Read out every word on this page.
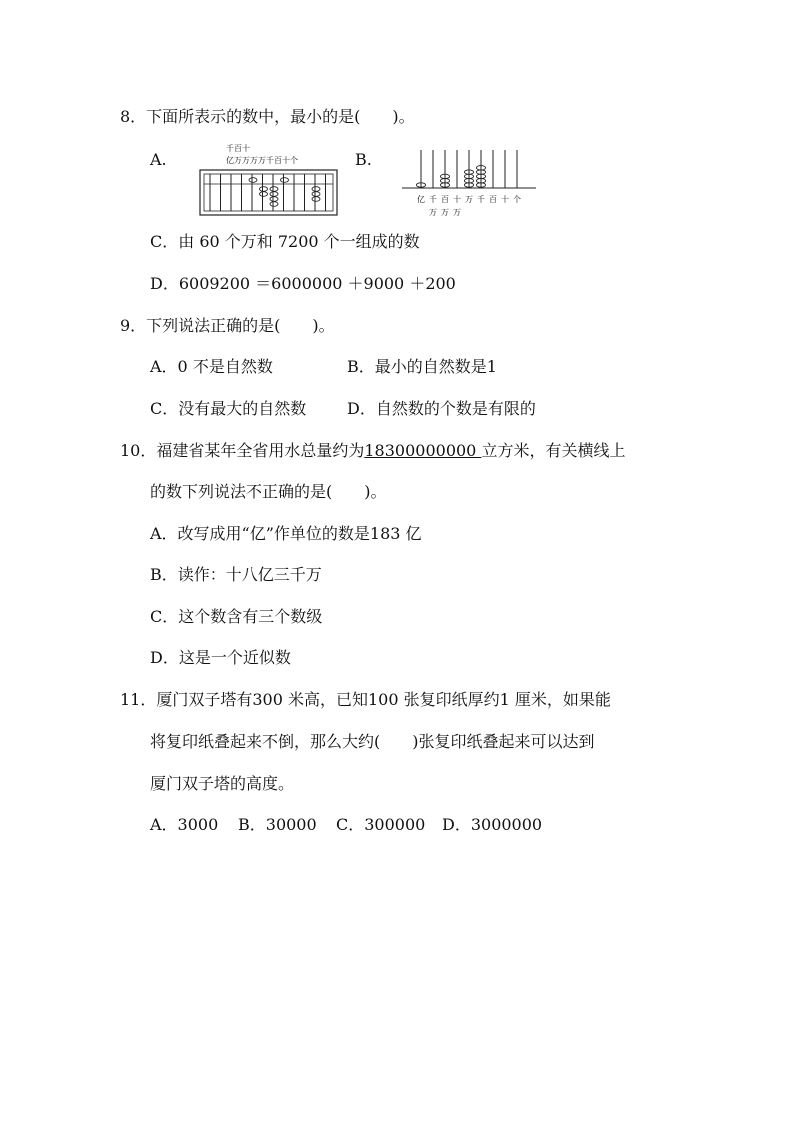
8．下面所表示的数中，最小的是(　　)。
A.
千百十
亿万万万万千百十个	B.
亿 千 百 十 万 千 百 十 个
万 万 万
C．由 60 个万和 7200 个一组成的数
D．6009200 ＝6000000 ＋9000 ＋200
9．下列说法正确的是(　　)。
A．0 不是自然数	B．最小的自然数是1
C．没有最大的自然数	D．自然数的个数是有限的
10．福建省某年全省用水总量约为18300000000 立方米，有关横线上
的数下列说法不正确的是(　　)。
A．改写成用“亿”作单位的数是183 亿
B．读作：十八亿三千万
C．这个数含有三个数级
D．这是一个近似数
11．厦门双子塔有300 米高，已知100 张复印纸厚约1 厘米，如果能
将复印纸叠起来不倒，那么大约(　　)张复印纸叠起来可以达到
厦门双子塔的高度。
A．3000 B．30000 C．300000 D．3000000
